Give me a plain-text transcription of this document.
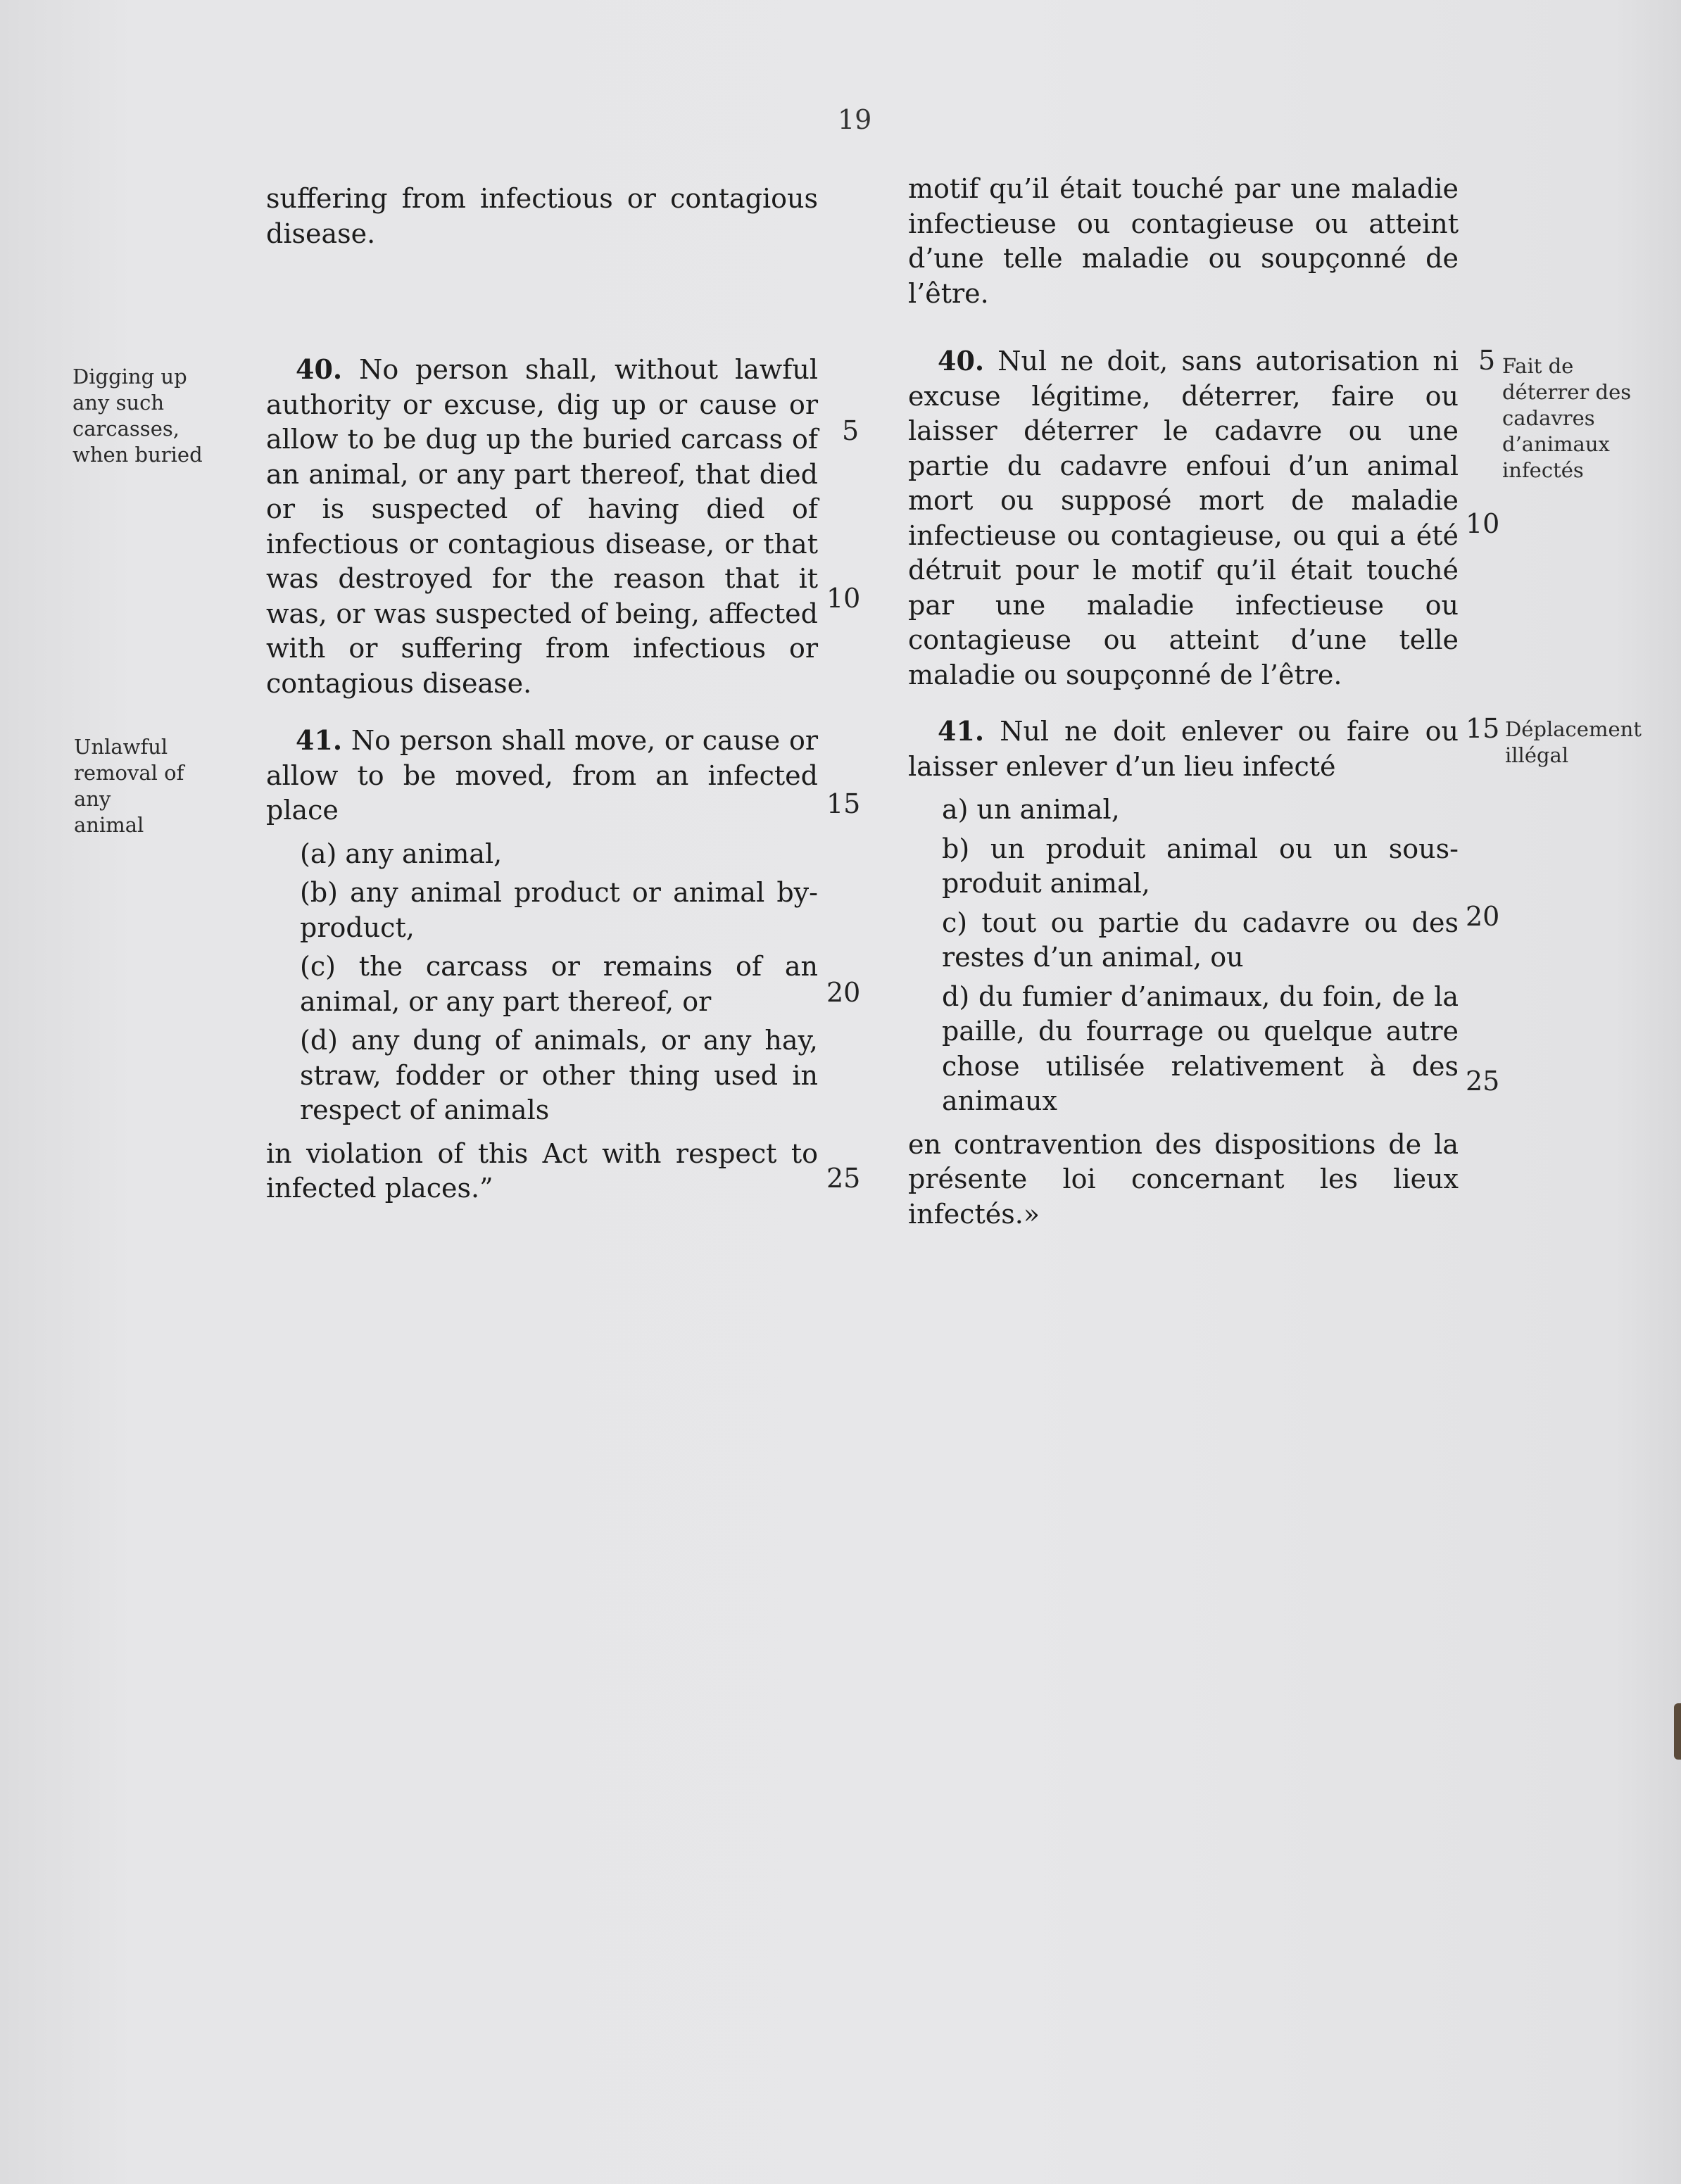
19
Digging up any such carcasses, when buried
Unlawful removal of any animal

suffering from infectious or contagious disease.

40. No person shall, without lawful authority or excuse, dig up or cause or allow to be dug up the buried carcass of an animal, or any part thereof, that died or is suspected of having died of infectious or contagious disease, or that was destroyed for the reason that it was, or was suspected of being, affected with or suffering from infectious or contagious disease.

41. No person shall move, or cause or allow to be moved, from an infected place

(a) any animal,

(b) any animal product or animal by-product,

(c) the carcass or remains of an animal, or any part thereof, or

(d) any dung of animals, or any hay, straw, fodder or other thing used in respect of animals

in violation of this Act with respect to infected places.”

5
10
15
20
25

motif qu’il était touché par une maladie infectieuse ou contagieuse ou atteint d’une telle maladie ou soupçonné de l’être.

40. Nul ne doit, sans autorisation ni excuse légitime, déterrer, faire ou laisser déterrer le cadavre ou une partie du cadavre enfoui d’un animal mort ou supposé mort de maladie infectieuse ou contagieuse, ou qui a été détruit pour le motif qu’il était touché par une maladie infectieuse ou contagieuse ou atteint d’une telle maladie ou soupçonné de l’être.

41. Nul ne doit enlever ou faire ou laisser enlever d’un lieu infecté

a) un animal,

b) un produit animal ou un sous-produit animal,

c) tout ou partie du cadavre ou des restes d’un animal, ou

d) du fumier d’animaux, du foin, de la paille, du fourrage ou quelque autre chose utilisée relativement à des animaux

en contravention des dispositions de la présente loi concernant les lieux infectés.»

5
10
15
20
25
Fait de déterrer des cadavres d’animaux infectés
Déplacement illégal
